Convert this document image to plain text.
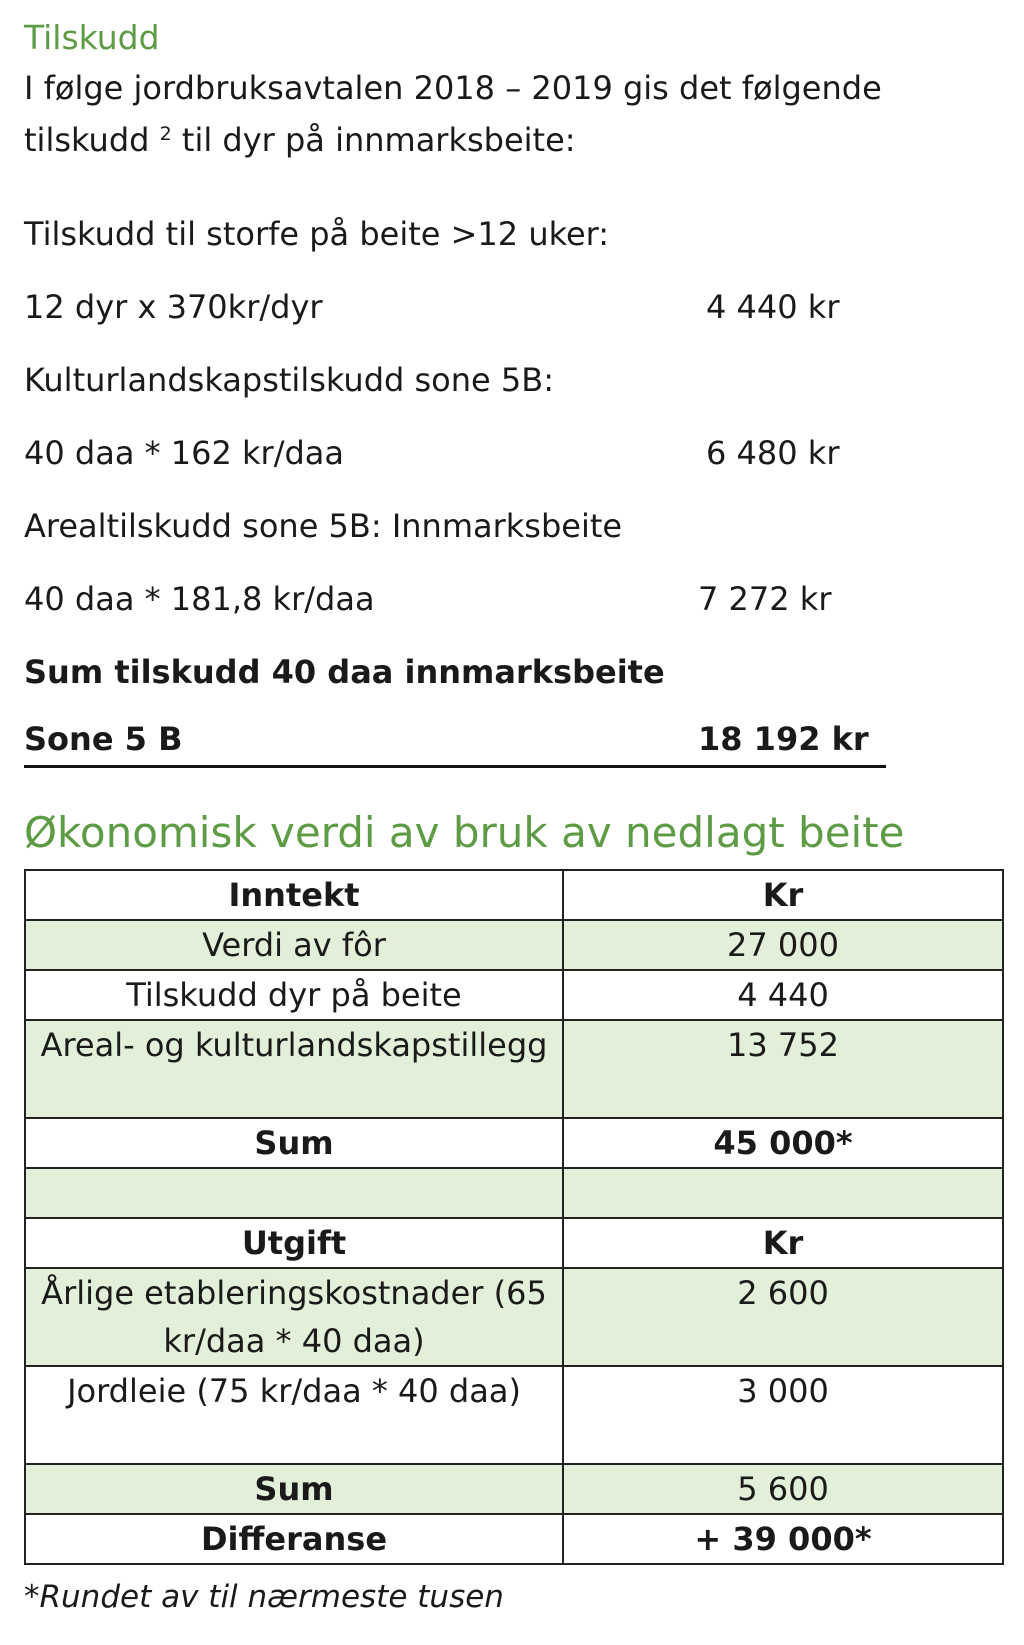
Tilskudd

I følge jordbruksavtalen 2018 – 2019 gis det følgende tilskudd $^2$ til dyr på innmarksbeite:

Tilskudd til storfe på beite >12 uker:
12 dyr x 370kr/dyr	4 440 kr
Kulturlandskapstilskudd sone 5B:
40 daa * 162 kr/daa	6 480 kr
Arealtilskudd sone 5B: Innmarksbeite
40 daa * 181,8 kr/daa	7 272 kr
Sum tilskudd 40 daa innmarksbeite
Sone 5 B	18 192 kr
Økonomisk verdi av bruk av nedlagt beite
Inntekt	Kr
Verdi av fôr	27 000
Tilskudd dyr på beite	4 440
Areal- og kulturlandskapstillegg	13 752
Sum	45 000*

Utgift	Kr
Årlige etableringskostnader (65 kr/daa * 40 daa)	2 600
Jordleie (75 kr/daa * 40 daa)	3 000
Sum	5 600
Differanse	+ 39 000*
*Rundet av til nærmeste tusen
